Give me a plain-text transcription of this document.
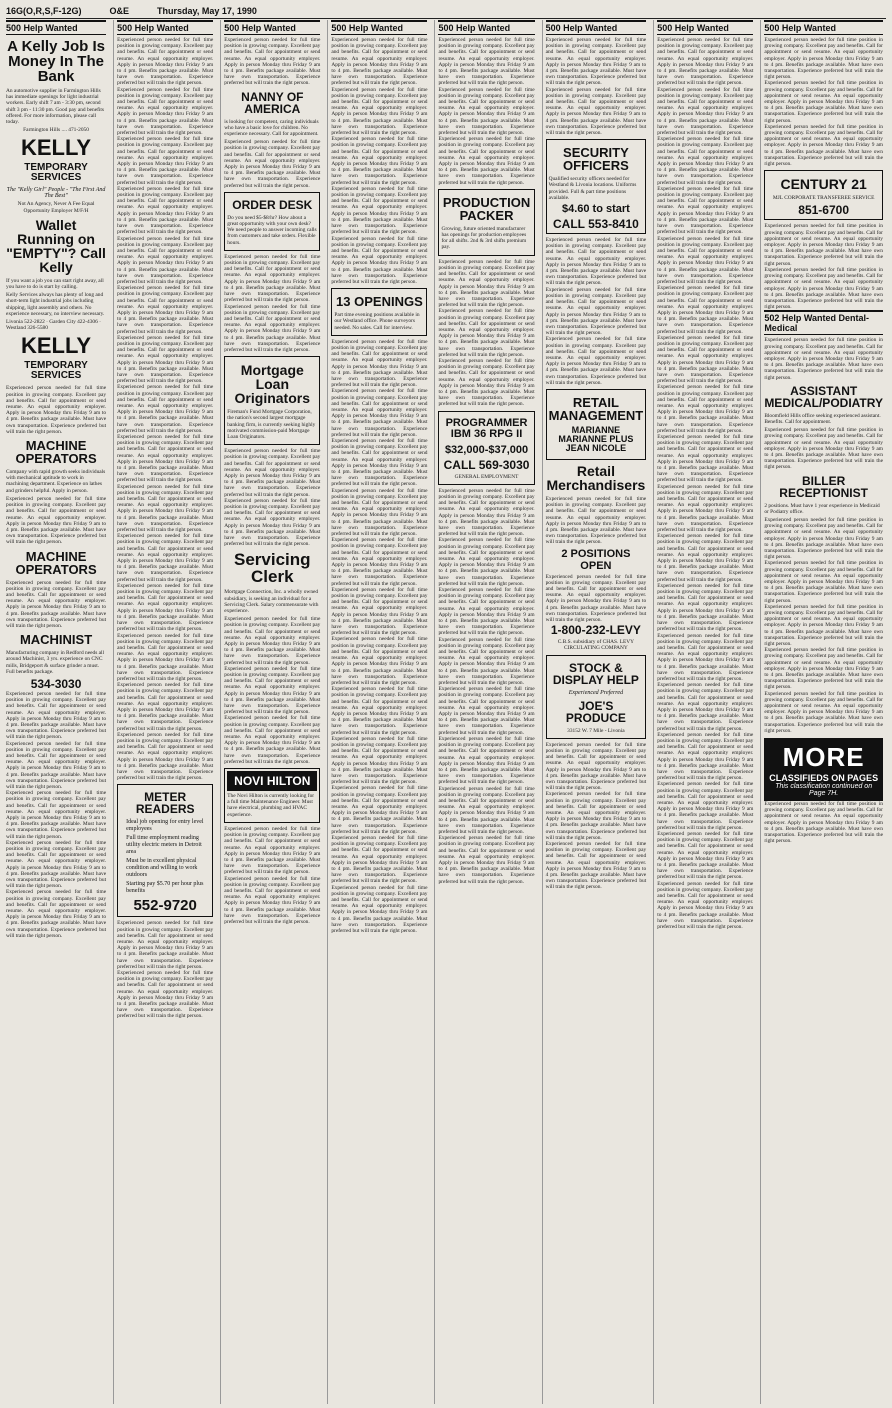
16G(O,R,S,F-12G)	O&E	Thursday, May 17, 1990
500 Help Wanted
A Kelly Job Is Money In The Bank
An automotive supplier in Farmington Hills has immediate openings for light industrial workers. Early shift 7 am - 3:30 pm, second shift 3 pm - 11:30 pm. Good pay and benefits offered. For more information, please call today.
Farmington Hills .... 471-2050
KELLY
TEMPORARY SERVICES
The "Kelly Girl" People - "The First And The Best"
Not An Agency, Never A Fee Equal Opportunity Employer M/F/H
Wallet Running on "EMPTY"? Call Kelly
If you want a job you can start right away, all you have to do is start by calling.
Kelly Services always has plenty of long and short-term light industrial jobs including shipping, light assembly and others. No experience necessary, no interview necessary.
Livonia 522-2822 · Garden City 422-4306 · Westland 326-5580
KELLY
TEMPORARY SERVICES
Experienced person needed for full time position in growing company. Excellent pay and benefits. Call for appointment or send resume. An equal opportunity employer. Apply in person Monday thru Friday 9 am to 4 pm. Benefits package available. Must have own transportation. Experience preferred but will train the right person.
MACHINE OPERATORS
Company with rapid growth seeks individuals with mechanical aptitude to work in machining department. Experience on lathes and grinders helpful. Apply in person.
Experienced person needed for full time position in growing company. Excellent pay and benefits. Call for appointment or send resume. An equal opportunity employer. Apply in person Monday thru Friday 9 am to 4 pm. Benefits package available. Must have own transportation. Experience preferred but will train the right person.
MACHINE OPERATORS
Experienced person needed for full time position in growing company. Excellent pay and benefits. Call for appointment or send resume. An equal opportunity employer. Apply in person Monday thru Friday 9 am to 4 pm. Benefits package available. Must have own transportation. Experience preferred but will train the right person.
MACHINIST
Manufacturing company in Redford needs all around Machinist, 3 yrs. experience on CNC mills, Bridgeport & surface grinder a must. Full benefits package.
534-3030
Experienced person needed for full time position in growing company. Excellent pay and benefits. Call for appointment or send resume. An equal opportunity employer. Apply in person Monday thru Friday 9 am to 4 pm. Benefits package available. Must have own transportation. Experience preferred but will train the right person.
Experienced person needed for full time position in growing company. Excellent pay and benefits. Call for appointment or send resume. An equal opportunity employer. Apply in person Monday thru Friday 9 am to 4 pm. Benefits package available. Must have own transportation. Experience preferred but will train the right person.
Experienced person needed for full time position in growing company. Excellent pay and benefits. Call for appointment or send resume. An equal opportunity employer. Apply in person Monday thru Friday 9 am to 4 pm. Benefits package available. Must have own transportation. Experience preferred but will train the right person.
Experienced person needed for full time position in growing company. Excellent pay and benefits. Call for appointment or send resume. An equal opportunity employer. Apply in person Monday thru Friday 9 am to 4 pm. Benefits package available. Must have own transportation. Experience preferred but will train the right person.
Experienced person needed for full time position in growing company. Excellent pay and benefits. Call for appointment or send resume. An equal opportunity employer. Apply in person Monday thru Friday 9 am to 4 pm. Benefits package available. Must have own transportation. Experience preferred but will train the right person.
500 Help Wanted
Experienced person needed for full time position in growing company. Excellent pay and benefits. Call for appointment or send resume. An equal opportunity employer. Apply in person Monday thru Friday 9 am to 4 pm. Benefits package available. Must have own transportation. Experience preferred but will train the right person.
Experienced person needed for full time position in growing company. Excellent pay and benefits. Call for appointment or send resume. An equal opportunity employer. Apply in person Monday thru Friday 9 am to 4 pm. Benefits package available. Must have own transportation. Experience preferred but will train the right person.
Experienced person needed for full time position in growing company. Excellent pay and benefits. Call for appointment or send resume. An equal opportunity employer. Apply in person Monday thru Friday 9 am to 4 pm. Benefits package available. Must have own transportation. Experience preferred but will train the right person.
Experienced person needed for full time position in growing company. Excellent pay and benefits. Call for appointment or send resume. An equal opportunity employer. Apply in person Monday thru Friday 9 am to 4 pm. Benefits package available. Must have own transportation. Experience preferred but will train the right person.
Experienced person needed for full time position in growing company. Excellent pay and benefits. Call for appointment or send resume. An equal opportunity employer. Apply in person Monday thru Friday 9 am to 4 pm. Benefits package available. Must have own transportation. Experience preferred but will train the right person.
Experienced person needed for full time position in growing company. Excellent pay and benefits. Call for appointment or send resume. An equal opportunity employer. Apply in person Monday thru Friday 9 am to 4 pm. Benefits package available. Must have own transportation. Experience preferred but will train the right person.
Experienced person needed for full time position in growing company. Excellent pay and benefits. Call for appointment or send resume. An equal opportunity employer. Apply in person Monday thru Friday 9 am to 4 pm. Benefits package available. Must have own transportation. Experience preferred but will train the right person.
Experienced person needed for full time position in growing company. Excellent pay and benefits. Call for appointment or send resume. An equal opportunity employer. Apply in person Monday thru Friday 9 am to 4 pm. Benefits package available. Must have own transportation. Experience preferred but will train the right person.
Experienced person needed for full time position in growing company. Excellent pay and benefits. Call for appointment or send resume. An equal opportunity employer. Apply in person Monday thru Friday 9 am to 4 pm. Benefits package available. Must have own transportation. Experience preferred but will train the right person.
Experienced person needed for full time position in growing company. Excellent pay and benefits. Call for appointment or send resume. An equal opportunity employer. Apply in person Monday thru Friday 9 am to 4 pm. Benefits package available. Must have own transportation. Experience preferred but will train the right person.
Experienced person needed for full time position in growing company. Excellent pay and benefits. Call for appointment or send resume. An equal opportunity employer. Apply in person Monday thru Friday 9 am to 4 pm. Benefits package available. Must have own transportation. Experience preferred but will train the right person.
Experienced person needed for full time position in growing company. Excellent pay and benefits. Call for appointment or send resume. An equal opportunity employer. Apply in person Monday thru Friday 9 am to 4 pm. Benefits package available. Must have own transportation. Experience preferred but will train the right person.
Experienced person needed for full time position in growing company. Excellent pay and benefits. Call for appointment or send resume. An equal opportunity employer. Apply in person Monday thru Friday 9 am to 4 pm. Benefits package available. Must have own transportation. Experience preferred but will train the right person.
Experienced person needed for full time position in growing company. Excellent pay and benefits. Call for appointment or send resume. An equal opportunity employer. Apply in person Monday thru Friday 9 am to 4 pm. Benefits package available. Must have own transportation. Experience preferred but will train the right person.
Experienced person needed for full time position in growing company. Excellent pay and benefits. Call for appointment or send resume. An equal opportunity employer. Apply in person Monday thru Friday 9 am to 4 pm. Benefits package available. Must have own transportation. Experience preferred but will train the right person.
METER READERS
Ideal job opening for entry level employees
Full time employment reading utility electric meters in Detroit area
Must be in excellent physical condition and willing to work outdoors
Starting pay $5.70 per hour plus benefits
552-9720
Experienced person needed for full time position in growing company. Excellent pay and benefits. Call for appointment or send resume. An equal opportunity employer. Apply in person Monday thru Friday 9 am to 4 pm. Benefits package available. Must have own transportation. Experience preferred but will train the right person.
Experienced person needed for full time position in growing company. Excellent pay and benefits. Call for appointment or send resume. An equal opportunity employer. Apply in person Monday thru Friday 9 am to 4 pm. Benefits package available. Must have own transportation. Experience preferred but will train the right person.
500 Help Wanted
Experienced person needed for full time position in growing company. Excellent pay and benefits. Call for appointment or send resume. An equal opportunity employer. Apply in person Monday thru Friday 9 am to 4 pm. Benefits package available. Must have own transportation. Experience preferred but will train the right person.
NANNY OF AMERICA
is looking for competent, caring individuals who have a basic love for children. No experience necessary. Call for appointment.
Experienced person needed for full time position in growing company. Excellent pay and benefits. Call for appointment or send resume. An equal opportunity employer. Apply in person Monday thru Friday 9 am to 4 pm. Benefits package available. Must have own transportation. Experience preferred but will train the right person.
ORDER DESK
Do you need $5-$8/hr? How about a great opportunity with your own desk? We need people to answer incoming calls from customers and take orders. Flexible hours.
Experienced person needed for full time position in growing company. Excellent pay and benefits. Call for appointment or send resume. An equal opportunity employer. Apply in person Monday thru Friday 9 am to 4 pm. Benefits package available. Must have own transportation. Experience preferred but will train the right person.
Experienced person needed for full time position in growing company. Excellent pay and benefits. Call for appointment or send resume. An equal opportunity employer. Apply in person Monday thru Friday 9 am to 4 pm. Benefits package available. Must have own transportation. Experience preferred but will train the right person.
Mortgage Loan Originators
Fireman's Fund Mortgage Corporation, the nation's second largest mortgage banking firm, is currently seeking highly motivated commission-paid Mortgage Loan Originators.
Experienced person needed for full time position in growing company. Excellent pay and benefits. Call for appointment or send resume. An equal opportunity employer. Apply in person Monday thru Friday 9 am to 4 pm. Benefits package available. Must have own transportation. Experience preferred but will train the right person.
Experienced person needed for full time position in growing company. Excellent pay and benefits. Call for appointment or send resume. An equal opportunity employer. Apply in person Monday thru Friday 9 am to 4 pm. Benefits package available. Must have own transportation. Experience preferred but will train the right person.
Servicing Clerk
Mortgage Connection, Inc. a wholly owned subsidiary, is seeking an individual for a Servicing Clerk. Salary commensurate with experience.
Experienced person needed for full time position in growing company. Excellent pay and benefits. Call for appointment or send resume. An equal opportunity employer. Apply in person Monday thru Friday 9 am to 4 pm. Benefits package available. Must have own transportation. Experience preferred but will train the right person.
Experienced person needed for full time position in growing company. Excellent pay and benefits. Call for appointment or send resume. An equal opportunity employer. Apply in person Monday thru Friday 9 am to 4 pm. Benefits package available. Must have own transportation. Experience preferred but will train the right person.
Experienced person needed for full time position in growing company. Excellent pay and benefits. Call for appointment or send resume. An equal opportunity employer. Apply in person Monday thru Friday 9 am to 4 pm. Benefits package available. Must have own transportation. Experience preferred but will train the right person.
NOVI HILTON
The Novi Hilton is currently looking for a full time Maintenance Engineer. Must have electrical, plumbing and HVAC experience.
Experienced person needed for full time position in growing company. Excellent pay and benefits. Call for appointment or send resume. An equal opportunity employer. Apply in person Monday thru Friday 9 am to 4 pm. Benefits package available. Must have own transportation. Experience preferred but will train the right person.
Experienced person needed for full time position in growing company. Excellent pay and benefits. Call for appointment or send resume. An equal opportunity employer. Apply in person Monday thru Friday 9 am to 4 pm. Benefits package available. Must have own transportation. Experience preferred but will train the right person.
500 Help Wanted
Experienced person needed for full time position in growing company. Excellent pay and benefits. Call for appointment or send resume. An equal opportunity employer. Apply in person Monday thru Friday 9 am to 4 pm. Benefits package available. Must have own transportation. Experience preferred but will train the right person.
Experienced person needed for full time position in growing company. Excellent pay and benefits. Call for appointment or send resume. An equal opportunity employer. Apply in person Monday thru Friday 9 am to 4 pm. Benefits package available. Must have own transportation. Experience preferred but will train the right person.
Experienced person needed for full time position in growing company. Excellent pay and benefits. Call for appointment or send resume. An equal opportunity employer. Apply in person Monday thru Friday 9 am to 4 pm. Benefits package available. Must have own transportation. Experience preferred but will train the right person.
Experienced person needed for full time position in growing company. Excellent pay and benefits. Call for appointment or send resume. An equal opportunity employer. Apply in person Monday thru Friday 9 am to 4 pm. Benefits package available. Must have own transportation. Experience preferred but will train the right person.
Experienced person needed for full time position in growing company. Excellent pay and benefits. Call for appointment or send resume. An equal opportunity employer. Apply in person Monday thru Friday 9 am to 4 pm. Benefits package available. Must have own transportation. Experience preferred but will train the right person.
13 OPENINGS
Part time evening positions available in our Westland office. Phone surveyors needed. No sales. Call for interview.
Experienced person needed for full time position in growing company. Excellent pay and benefits. Call for appointment or send resume. An equal opportunity employer. Apply in person Monday thru Friday 9 am to 4 pm. Benefits package available. Must have own transportation. Experience preferred but will train the right person.
Experienced person needed for full time position in growing company. Excellent pay and benefits. Call for appointment or send resume. An equal opportunity employer. Apply in person Monday thru Friday 9 am to 4 pm. Benefits package available. Must have own transportation. Experience preferred but will train the right person.
Experienced person needed for full time position in growing company. Excellent pay and benefits. Call for appointment or send resume. An equal opportunity employer. Apply in person Monday thru Friday 9 am to 4 pm. Benefits package available. Must have own transportation. Experience preferred but will train the right person.
Experienced person needed for full time position in growing company. Excellent pay and benefits. Call for appointment or send resume. An equal opportunity employer. Apply in person Monday thru Friday 9 am to 4 pm. Benefits package available. Must have own transportation. Experience preferred but will train the right person.
Experienced person needed for full time position in growing company. Excellent pay and benefits. Call for appointment or send resume. An equal opportunity employer. Apply in person Monday thru Friday 9 am to 4 pm. Benefits package available. Must have own transportation. Experience preferred but will train the right person.
Experienced person needed for full time position in growing company. Excellent pay and benefits. Call for appointment or send resume. An equal opportunity employer. Apply in person Monday thru Friday 9 am to 4 pm. Benefits package available. Must have own transportation. Experience preferred but will train the right person.
Experienced person needed for full time position in growing company. Excellent pay and benefits. Call for appointment or send resume. An equal opportunity employer. Apply in person Monday thru Friday 9 am to 4 pm. Benefits package available. Must have own transportation. Experience preferred but will train the right person.
Experienced person needed for full time position in growing company. Excellent pay and benefits. Call for appointment or send resume. An equal opportunity employer. Apply in person Monday thru Friday 9 am to 4 pm. Benefits package available. Must have own transportation. Experience preferred but will train the right person.
Experienced person needed for full time position in growing company. Excellent pay and benefits. Call for appointment or send resume. An equal opportunity employer. Apply in person Monday thru Friday 9 am to 4 pm. Benefits package available. Must have own transportation. Experience preferred but will train the right person.
Experienced person needed for full time position in growing company. Excellent pay and benefits. Call for appointment or send resume. An equal opportunity employer. Apply in person Monday thru Friday 9 am to 4 pm. Benefits package available. Must have own transportation. Experience preferred but will train the right person.
Experienced person needed for full time position in growing company. Excellent pay and benefits. Call for appointment or send resume. An equal opportunity employer. Apply in person Monday thru Friday 9 am to 4 pm. Benefits package available. Must have own transportation. Experience preferred but will train the right person.
Experienced person needed for full time position in growing company. Excellent pay and benefits. Call for appointment or send resume. An equal opportunity employer. Apply in person Monday thru Friday 9 am to 4 pm. Benefits package available. Must have own transportation. Experience preferred but will train the right person.
500 Help Wanted
Experienced person needed for full time position in growing company. Excellent pay and benefits. Call for appointment or send resume. An equal opportunity employer. Apply in person Monday thru Friday 9 am to 4 pm. Benefits package available. Must have own transportation. Experience preferred but will train the right person.
Experienced person needed for full time position in growing company. Excellent pay and benefits. Call for appointment or send resume. An equal opportunity employer. Apply in person Monday thru Friday 9 am to 4 pm. Benefits package available. Must have own transportation. Experience preferred but will train the right person.
Experienced person needed for full time position in growing company. Excellent pay and benefits. Call for appointment or send resume. An equal opportunity employer. Apply in person Monday thru Friday 9 am to 4 pm. Benefits package available. Must have own transportation. Experience preferred but will train the right person.
PRODUCTION PACKER
Growing, future oriented manufacturer has openings for production employees for all shifts. 2nd & 3rd shifts premium pay.
Experienced person needed for full time position in growing company. Excellent pay and benefits. Call for appointment or send resume. An equal opportunity employer. Apply in person Monday thru Friday 9 am to 4 pm. Benefits package available. Must have own transportation. Experience preferred but will train the right person.
Experienced person needed for full time position in growing company. Excellent pay and benefits. Call for appointment or send resume. An equal opportunity employer. Apply in person Monday thru Friday 9 am to 4 pm. Benefits package available. Must have own transportation. Experience preferred but will train the right person.
Experienced person needed for full time position in growing company. Excellent pay and benefits. Call for appointment or send resume. An equal opportunity employer. Apply in person Monday thru Friday 9 am to 4 pm. Benefits package available. Must have own transportation. Experience preferred but will train the right person.
PROGRAMMER IBM 36 RPG II
$32,000-$37,000
CALL 569-3030
GENERAL EMPLOYMENT
Experienced person needed for full time position in growing company. Excellent pay and benefits. Call for appointment or send resume. An equal opportunity employer. Apply in person Monday thru Friday 9 am to 4 pm. Benefits package available. Must have own transportation. Experience preferred but will train the right person.
Experienced person needed for full time position in growing company. Excellent pay and benefits. Call for appointment or send resume. An equal opportunity employer. Apply in person Monday thru Friday 9 am to 4 pm. Benefits package available. Must have own transportation. Experience preferred but will train the right person.
Experienced person needed for full time position in growing company. Excellent pay and benefits. Call for appointment or send resume. An equal opportunity employer. Apply in person Monday thru Friday 9 am to 4 pm. Benefits package available. Must have own transportation. Experience preferred but will train the right person.
Experienced person needed for full time position in growing company. Excellent pay and benefits. Call for appointment or send resume. An equal opportunity employer. Apply in person Monday thru Friday 9 am to 4 pm. Benefits package available. Must have own transportation. Experience preferred but will train the right person.
Experienced person needed for full time position in growing company. Excellent pay and benefits. Call for appointment or send resume. An equal opportunity employer. Apply in person Monday thru Friday 9 am to 4 pm. Benefits package available. Must have own transportation. Experience preferred but will train the right person.
Experienced person needed for full time position in growing company. Excellent pay and benefits. Call for appointment or send resume. An equal opportunity employer. Apply in person Monday thru Friday 9 am to 4 pm. Benefits package available. Must have own transportation. Experience preferred but will train the right person.
Experienced person needed for full time position in growing company. Excellent pay and benefits. Call for appointment or send resume. An equal opportunity employer. Apply in person Monday thru Friday 9 am to 4 pm. Benefits package available. Must have own transportation. Experience preferred but will train the right person.
Experienced person needed for full time position in growing company. Excellent pay and benefits. Call for appointment or send resume. An equal opportunity employer. Apply in person Monday thru Friday 9 am to 4 pm. Benefits package available. Must have own transportation. Experience preferred but will train the right person.
500 Help Wanted
Experienced person needed for full time position in growing company. Excellent pay and benefits. Call for appointment or send resume. An equal opportunity employer. Apply in person Monday thru Friday 9 am to 4 pm. Benefits package available. Must have own transportation. Experience preferred but will train the right person.
Experienced person needed for full time position in growing company. Excellent pay and benefits. Call for appointment or send resume. An equal opportunity employer. Apply in person Monday thru Friday 9 am to 4 pm. Benefits package available. Must have own transportation. Experience preferred but will train the right person.
SECURITY OFFICERS
Qualified security officers needed for Westland & Livonia locations. Uniforms provided. Full & part time positions available.
$4.60 to start
CALL 553-8410
Experienced person needed for full time position in growing company. Excellent pay and benefits. Call for appointment or send resume. An equal opportunity employer. Apply in person Monday thru Friday 9 am to 4 pm. Benefits package available. Must have own transportation. Experience preferred but will train the right person.
Experienced person needed for full time position in growing company. Excellent pay and benefits. Call for appointment or send resume. An equal opportunity employer. Apply in person Monday thru Friday 9 am to 4 pm. Benefits package available. Must have own transportation. Experience preferred but will train the right person.
Experienced person needed for full time position in growing company. Excellent pay and benefits. Call for appointment or send resume. An equal opportunity employer. Apply in person Monday thru Friday 9 am to 4 pm. Benefits package available. Must have own transportation. Experience preferred but will train the right person.
RETAIL MANAGEMENT
MARIANNE MARIANNE PLUS JEAN NICOLE
Retail Merchandisers
Experienced person needed for full time position in growing company. Excellent pay and benefits. Call for appointment or send resume. An equal opportunity employer. Apply in person Monday thru Friday 9 am to 4 pm. Benefits package available. Must have own transportation. Experience preferred but will train the right person.
2 POSITIONS OPEN
Experienced person needed for full time position in growing company. Excellent pay and benefits. Call for appointment or send resume. An equal opportunity employer. Apply in person Monday thru Friday 9 am to 4 pm. Benefits package available. Must have own transportation. Experience preferred but will train the right person.
1-800-232-LEVY
C.B.S. subsidiary of CHAS. LEVY CIRCULATING COMPANY
STOCK & DISPLAY HELP
Experienced Preferred
JOE'S PRODUCE
33152 W. 7 Mile - Livonia
Experienced person needed for full time position in growing company. Excellent pay and benefits. Call for appointment or send resume. An equal opportunity employer. Apply in person Monday thru Friday 9 am to 4 pm. Benefits package available. Must have own transportation. Experience preferred but will train the right person.
Experienced person needed for full time position in growing company. Excellent pay and benefits. Call for appointment or send resume. An equal opportunity employer. Apply in person Monday thru Friday 9 am to 4 pm. Benefits package available. Must have own transportation. Experience preferred but will train the right person.
Experienced person needed for full time position in growing company. Excellent pay and benefits. Call for appointment or send resume. An equal opportunity employer. Apply in person Monday thru Friday 9 am to 4 pm. Benefits package available. Must have own transportation. Experience preferred but will train the right person.
500 Help Wanted
Experienced person needed for full time position in growing company. Excellent pay and benefits. Call for appointment or send resume. An equal opportunity employer. Apply in person Monday thru Friday 9 am to 4 pm. Benefits package available. Must have own transportation. Experience preferred but will train the right person.
Experienced person needed for full time position in growing company. Excellent pay and benefits. Call for appointment or send resume. An equal opportunity employer. Apply in person Monday thru Friday 9 am to 4 pm. Benefits package available. Must have own transportation. Experience preferred but will train the right person.
Experienced person needed for full time position in growing company. Excellent pay and benefits. Call for appointment or send resume. An equal opportunity employer. Apply in person Monday thru Friday 9 am to 4 pm. Benefits package available. Must have own transportation. Experience preferred but will train the right person.
Experienced person needed for full time position in growing company. Excellent pay and benefits. Call for appointment or send resume. An equal opportunity employer. Apply in person Monday thru Friday 9 am to 4 pm. Benefits package available. Must have own transportation. Experience preferred but will train the right person.
Experienced person needed for full time position in growing company. Excellent pay and benefits. Call for appointment or send resume. An equal opportunity employer. Apply in person Monday thru Friday 9 am to 4 pm. Benefits package available. Must have own transportation. Experience preferred but will train the right person.
Experienced person needed for full time position in growing company. Excellent pay and benefits. Call for appointment or send resume. An equal opportunity employer. Apply in person Monday thru Friday 9 am to 4 pm. Benefits package available. Must have own transportation. Experience preferred but will train the right person.
Experienced person needed for full time position in growing company. Excellent pay and benefits. Call for appointment or send resume. An equal opportunity employer. Apply in person Monday thru Friday 9 am to 4 pm. Benefits package available. Must have own transportation. Experience preferred but will train the right person.
Experienced person needed for full time position in growing company. Excellent pay and benefits. Call for appointment or send resume. An equal opportunity employer. Apply in person Monday thru Friday 9 am to 4 pm. Benefits package available. Must have own transportation. Experience preferred but will train the right person.
Experienced person needed for full time position in growing company. Excellent pay and benefits. Call for appointment or send resume. An equal opportunity employer. Apply in person Monday thru Friday 9 am to 4 pm. Benefits package available. Must have own transportation. Experience preferred but will train the right person.
Experienced person needed for full time position in growing company. Excellent pay and benefits. Call for appointment or send resume. An equal opportunity employer. Apply in person Monday thru Friday 9 am to 4 pm. Benefits package available. Must have own transportation. Experience preferred but will train the right person.
Experienced person needed for full time position in growing company. Excellent pay and benefits. Call for appointment or send resume. An equal opportunity employer. Apply in person Monday thru Friday 9 am to 4 pm. Benefits package available. Must have own transportation. Experience preferred but will train the right person.
Experienced person needed for full time position in growing company. Excellent pay and benefits. Call for appointment or send resume. An equal opportunity employer. Apply in person Monday thru Friday 9 am to 4 pm. Benefits package available. Must have own transportation. Experience preferred but will train the right person.
Experienced person needed for full time position in growing company. Excellent pay and benefits. Call for appointment or send resume. An equal opportunity employer. Apply in person Monday thru Friday 9 am to 4 pm. Benefits package available. Must have own transportation. Experience preferred but will train the right person.
Experienced person needed for full time position in growing company. Excellent pay and benefits. Call for appointment or send resume. An equal opportunity employer. Apply in person Monday thru Friday 9 am to 4 pm. Benefits package available. Must have own transportation. Experience preferred but will train the right person.
Experienced person needed for full time position in growing company. Excellent pay and benefits. Call for appointment or send resume. An equal opportunity employer. Apply in person Monday thru Friday 9 am to 4 pm. Benefits package available. Must have own transportation. Experience preferred but will train the right person.
Experienced person needed for full time position in growing company. Excellent pay and benefits. Call for appointment or send resume. An equal opportunity employer. Apply in person Monday thru Friday 9 am to 4 pm. Benefits package available. Must have own transportation. Experience preferred but will train the right person.
Experienced person needed for full time position in growing company. Excellent pay and benefits. Call for appointment or send resume. An equal opportunity employer. Apply in person Monday thru Friday 9 am to 4 pm. Benefits package available. Must have own transportation. Experience preferred but will train the right person.
Experienced person needed for full time position in growing company. Excellent pay and benefits. Call for appointment or send resume. An equal opportunity employer. Apply in person Monday thru Friday 9 am to 4 pm. Benefits package available. Must have own transportation. Experience preferred but will train the right person.
500 Help Wanted
Experienced person needed for full time position in growing company. Excellent pay and benefits. Call for appointment or send resume. An equal opportunity employer. Apply in person Monday thru Friday 9 am to 4 pm. Benefits package available. Must have own transportation. Experience preferred but will train the right person.
Experienced person needed for full time position in growing company. Excellent pay and benefits. Call for appointment or send resume. An equal opportunity employer. Apply in person Monday thru Friday 9 am to 4 pm. Benefits package available. Must have own transportation. Experience preferred but will train the right person.
Experienced person needed for full time position in growing company. Excellent pay and benefits. Call for appointment or send resume. An equal opportunity employer. Apply in person Monday thru Friday 9 am to 4 pm. Benefits package available. Must have own transportation. Experience preferred but will train the right person.
CENTURY 21
MJL CORPORATE TRANSFEREE SERVICE
851-6700
Experienced person needed for full time position in growing company. Excellent pay and benefits. Call for appointment or send resume. An equal opportunity employer. Apply in person Monday thru Friday 9 am to 4 pm. Benefits package available. Must have own transportation. Experience preferred but will train the right person.
Experienced person needed for full time position in growing company. Excellent pay and benefits. Call for appointment or send resume. An equal opportunity employer. Apply in person Monday thru Friday 9 am to 4 pm. Benefits package available. Must have own transportation. Experience preferred but will train the right person.
502 Help Wanted Dental-Medical
Experienced person needed for full time position in growing company. Excellent pay and benefits. Call for appointment or send resume. An equal opportunity employer. Apply in person Monday thru Friday 9 am to 4 pm. Benefits package available. Must have own transportation. Experience preferred but will train the right person.
ASSISTANT MEDICAL/PODIATRY
Bloomfield Hills office seeking experienced assistant. Benefits. Call for appointment.
Experienced person needed for full time position in growing company. Excellent pay and benefits. Call for appointment or send resume. An equal opportunity employer. Apply in person Monday thru Friday 9 am to 4 pm. Benefits package available. Must have own transportation. Experience preferred but will train the right person.
BILLER RECEPTIONIST
2 positions. Must have 1 year experience in Medicaid or Podiatry office.
Experienced person needed for full time position in growing company. Excellent pay and benefits. Call for appointment or send resume. An equal opportunity employer. Apply in person Monday thru Friday 9 am to 4 pm. Benefits package available. Must have own transportation. Experience preferred but will train the right person.
Experienced person needed for full time position in growing company. Excellent pay and benefits. Call for appointment or send resume. An equal opportunity employer. Apply in person Monday thru Friday 9 am to 4 pm. Benefits package available. Must have own transportation. Experience preferred but will train the right person.
Experienced person needed for full time position in growing company. Excellent pay and benefits. Call for appointment or send resume. An equal opportunity employer. Apply in person Monday thru Friday 9 am to 4 pm. Benefits package available. Must have own transportation. Experience preferred but will train the right person.
Experienced person needed for full time position in growing company. Excellent pay and benefits. Call for appointment or send resume. An equal opportunity employer. Apply in person Monday thru Friday 9 am to 4 pm. Benefits package available. Must have own transportation. Experience preferred but will train the right person.
Experienced person needed for full time position in growing company. Excellent pay and benefits. Call for appointment or send resume. An equal opportunity employer. Apply in person Monday thru Friday 9 am to 4 pm. Benefits package available. Must have own transportation. Experience preferred but will train the right person.
MORE
CLASSIFIEDS ON PAGES
This classification continued on Page 7H.
Experienced person needed for full time position in growing company. Excellent pay and benefits. Call for appointment or send resume. An equal opportunity employer. Apply in person Monday thru Friday 9 am to 4 pm. Benefits package available. Must have own transportation. Experience preferred but will train the right person.
